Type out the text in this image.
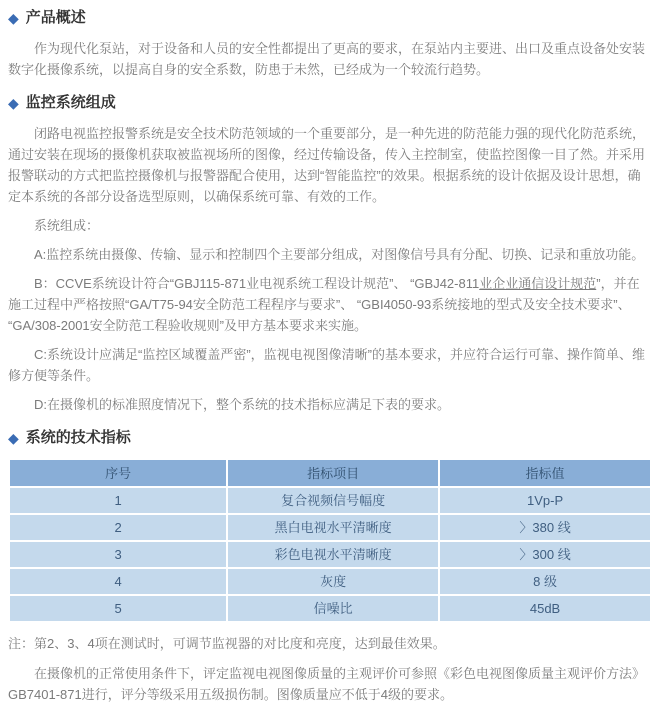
◆ 产品概述

作为现代化泵站，对于设备和人员的安全性都提出了更高的要求，在泵站内主要进、出口及重点设备处安装数字化摄像系统，以提高自身的安全系数，防患于未然，已经成为一个较流行趋势。

◆ 监控系统组成

闭路电视监控报警系统是安全技术防范领域的一个重要部分，是一种先进的防范能力强的现代化防范系统，通过安装在现场的摄像机获取被监视场所的图像，经过传输设备，传入主控制室，使监控图像一目了然。并采用报警联动的方式把监控摄像机与报警器配合使用，达到“智能监控”的效果。根据系统的设计依据及设计思想，确定本系统的各部分设备选型原则，以确保系统可靠、有效的工作。

系统组成：

A:监控系统由摄像、传输、显示和控制四个主要部分组成，对图像信号具有分配、切换、记录和重放功能。

B：CCVE系统设计符合“GBJ115-871业电视系统工程设计规范”、 “GBJ42-811业企业通信设计规范”，并在施工过程中严格按照“GA/T75-94安全防范工程程序与要求”、 “GBI4050-93系统接地的型式及安全技术要求”、 “GA/308-2001安全防范工程验收规则”及甲方基本要求来实施。

C:系统设计应满足“监控区域覆盖严密”，监视电视图像清晰”的基本要求，并应符合运行可靠、操作简单、维修方便等条件。

D:在摄像机的标准照度情况下，整个系统的技术指标应满足下表的要求。

◆ 系统的技术指标
序号	指标项目	指标值
1	复合视频信号幅度	1Vp-P
2	黑白电视水平清晰度	〉380 线
3	彩色电视水平清晰度	〉300 线
4	灰度	8 级
5	信噪比	45dB

注：第2、3、4项在测试时，可调节监视器的对比度和亮度，达到最佳效果。

在摄像机的正常使用条件下，评定监视电视图像质量的主观评价可参照《彩色电视图像质量主观评价方法》GB7401-871进行，评分等级采用五级损伤制。图像质量应不低于4级的要求。
